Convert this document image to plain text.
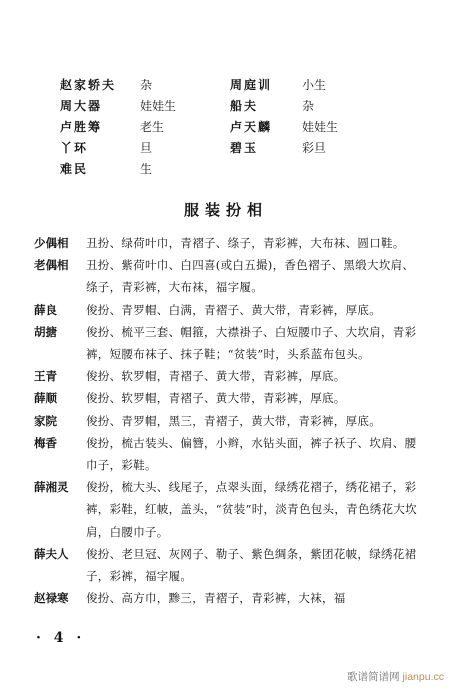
赵家轿夫 杂	周庭训 小生
周大器	娃娃生	船夫	杂
卢胜筹	老生	卢天麟 娃娃生
丫环	旦	碧玉	彩旦
难民	生
服装扮相
少偶相	丑扮、绿荷叶巾，青褶子、绦子，青彩裤，大布袜、圆口鞋。
老偶相	丑扮、紫荷叶巾、白四喜(或白五撮)，香色褶子、黑缎大坎肩、绦子，青彩裤，大布袜，福字履。
薛良	俊扮、青罗帽、白满，青褶子、黄大带，青彩裤，厚底。
胡搪	俊扮、梳平三套、帽箍，大襟褂子、白短腰巾子、大坎肩，青彩裤，短腰布袜子、抹子鞋；“贫装”时，头系蓝布包头。
王青	俊扮、软罗帽，青褶子、黄大带，青彩裤，厚底。
薛顺	俊扮、软罗帽，青褶子、黄大带，青彩裤，厚底。
家院	俊扮、青罗帽，黑三，青褶子，黄大带，青彩裤，厚底。
梅香	俊扮，梳古装头、偏簪，小辫，水钻头面，裤子袄子、坎肩、腰巾子，彩鞋。
薛湘灵	俊扮，梳大头、线尾子，点翠头面，绿绣花褶子，绣花裙子，彩裤，彩鞋，红帔，盖头，“贫装”时，淡青色包头，青色绣花大坎肩，白腰巾子。
薛夫人	俊扮、老旦冠、灰网子、勒子、紫色绸条，紫团花帔，绿绣花裙子，彩裤，福字履。
赵禄寒	俊扮、高方巾，黪三，青褶子，青彩裤，大袜，福
· 4 ·
歌谱简谱网 jianpu.cc
